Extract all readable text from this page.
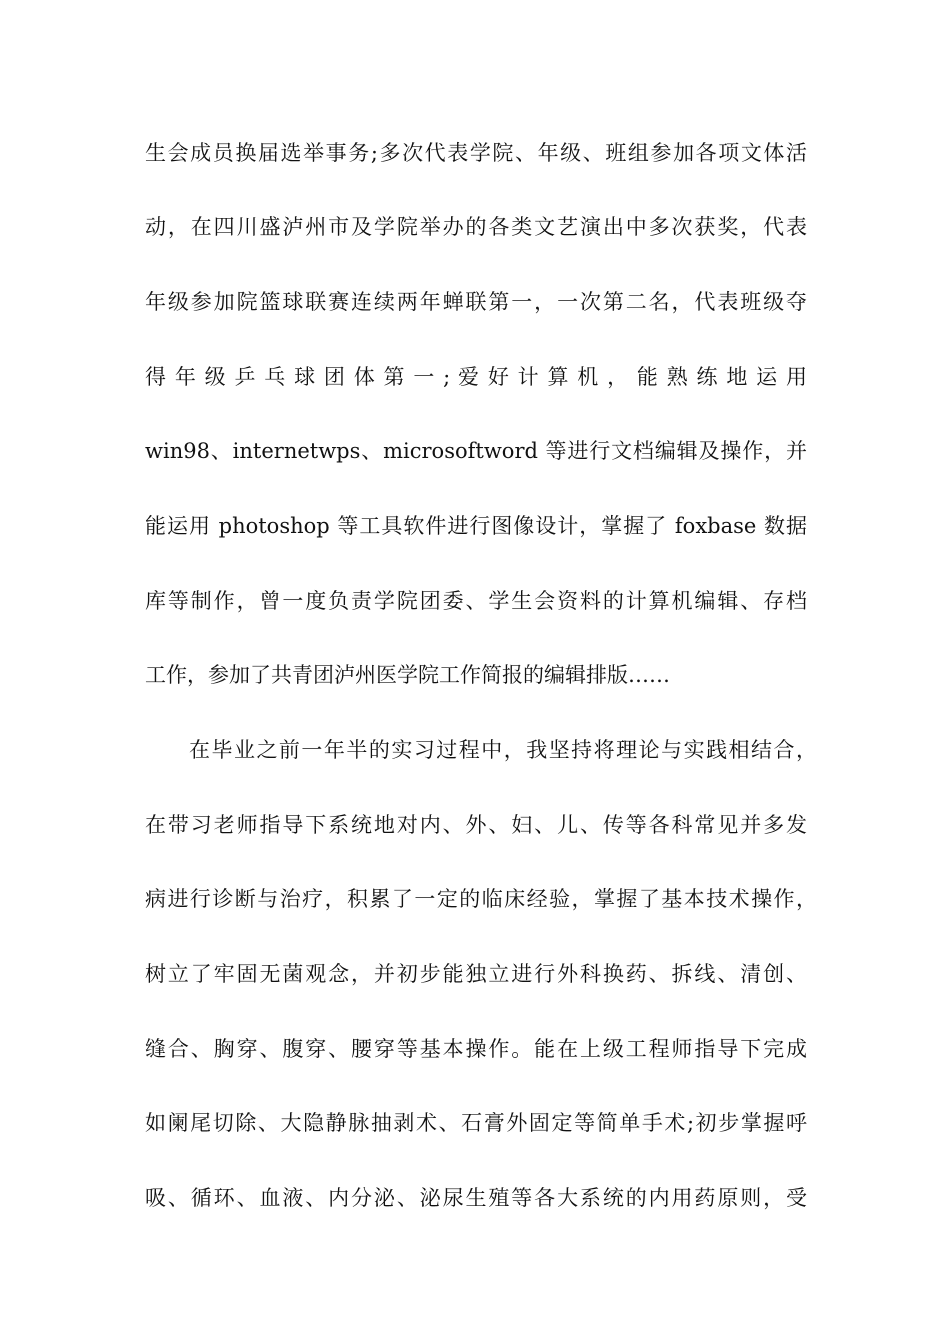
生会成员换届选举事务;多次代表学院、年级、班组参加各项文体活
动，在四川盛泸州市及学院举办的各类文艺演出中多次获奖，代表
年级参加院篮球联赛连续两年蝉联第一，一次第二名，代表班级夺
得 年 级 乒 乓 球 团 体 第 一 ; 爱 好 计 算 机 ， 能 熟 练 地 运 用
win98、internetwps、microsoftword 等进行文档编辑及操作，并
能运用 photoshop 等工具软件进行图像设计，掌握了 foxbase 数据
库等制作，曾一度负责学院团委、学生会资料的计算机编辑、存档
工作，参加了共青团泸州医学院工作简报的编辑排版……
在毕业之前一年半的实习过程中，我坚持将理论与实践相结合，
在带习老师指导下系统地对内、外、妇、儿、传等各科常见并多发
病进行诊断与治疗，积累了一定的临床经验，掌握了基本技术操作，
树立了牢固无菌观念，并初步能独立进行外科换药、拆线、清创、
缝合、胸穿、腹穿、腰穿等基本操作。能在上级工程师指导下完成
如阑尾切除、大隐静脉抽剥术、石膏外固定等简单手术;初步掌握呼
吸、循环、血液、内分泌、泌尿生殖等各大系统的内用药原则，受
